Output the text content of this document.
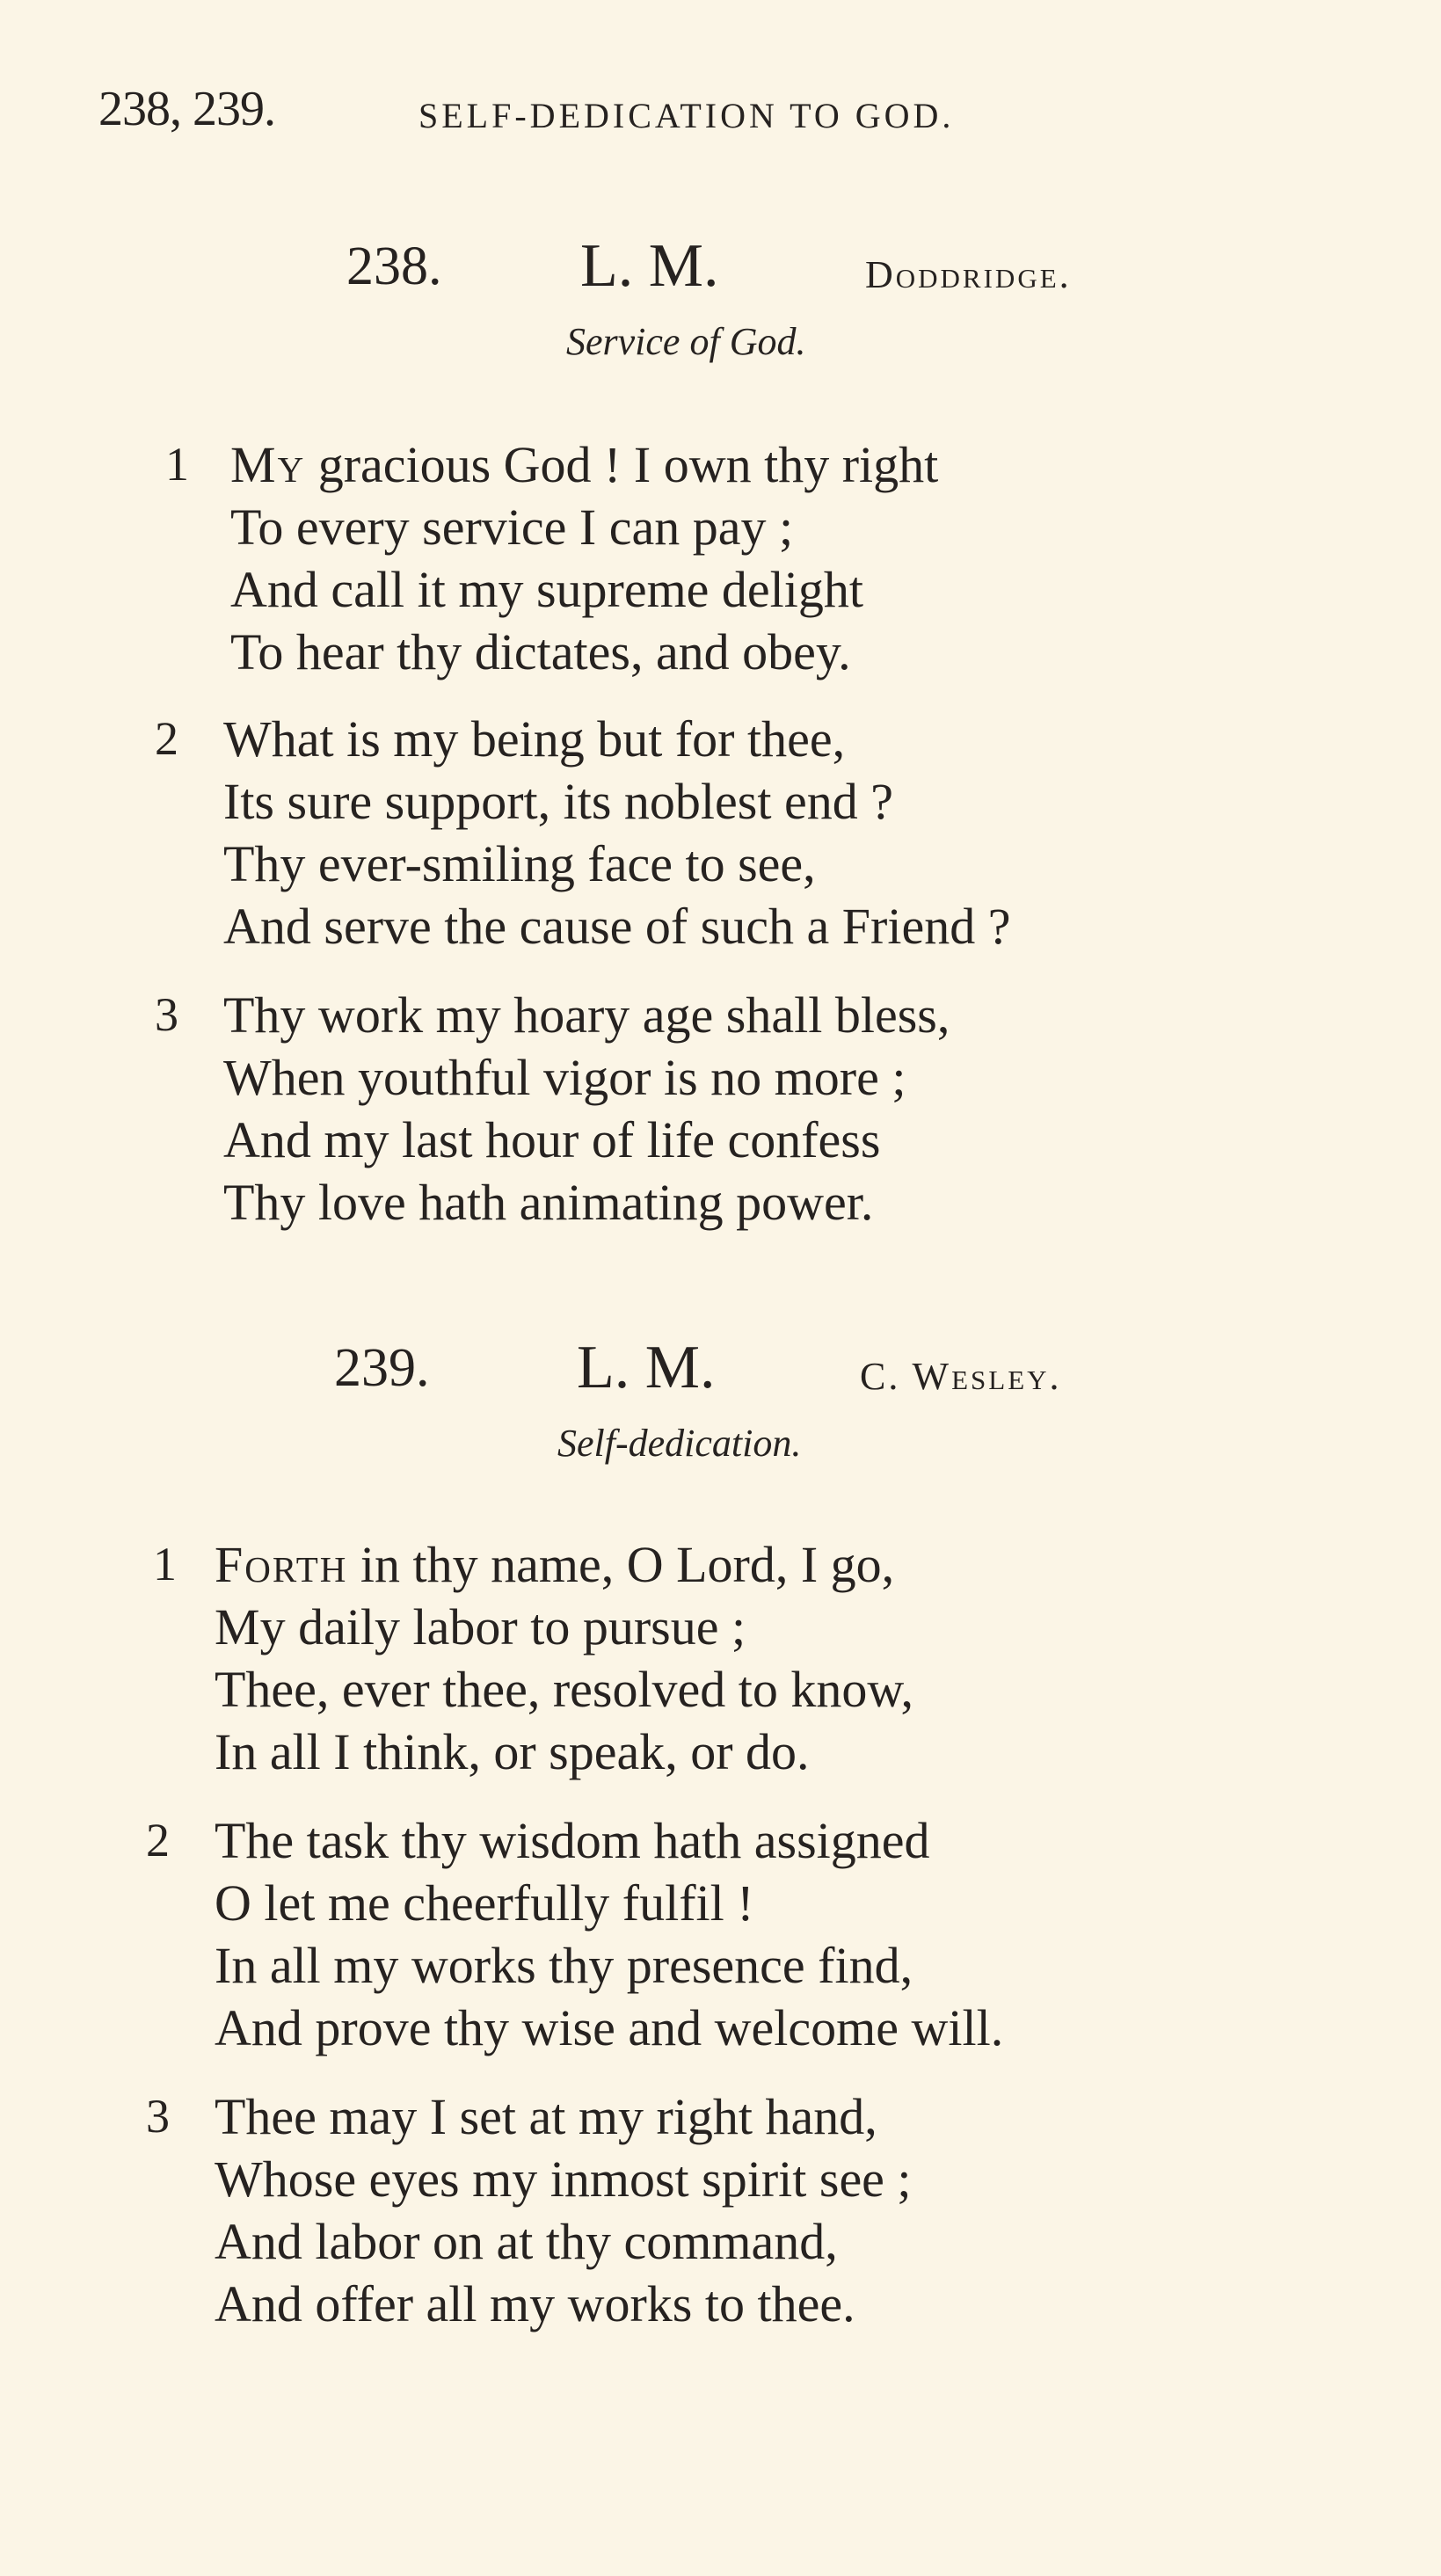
238, 239.	SELF-DEDICATION TO GOD.
238. L. M.	Doddridge.
Service of God.
1 My gracious God ! I own thy right
To every service I can pay ;
And call it my supreme delight
To hear thy dictates, and obey.
2 What is my being but for thee,
Its sure support, its noblest end ?
Thy ever-smiling face to see,
And serve the cause of such a Friend ?
3 Thy work my hoary age shall bless,
When youthful vigor is no more ;
And my last hour of life confess
Thy love hath animating power.
239. L. M.	C. Wesley.
Self-dedication.
1 Forth in thy name, O Lord, I go,
My daily labor to pursue ;
Thee, ever thee, resolved to know,
In all I think, or speak, or do.
2 The task thy wisdom hath assigned
O let me cheerfully fulfil !
In all my works thy presence find,
And prove thy wise and welcome will.
3 Thee may I set at my right hand,
Whose eyes my inmost spirit see ;
And labor on at thy command,
And offer all my works to thee.
